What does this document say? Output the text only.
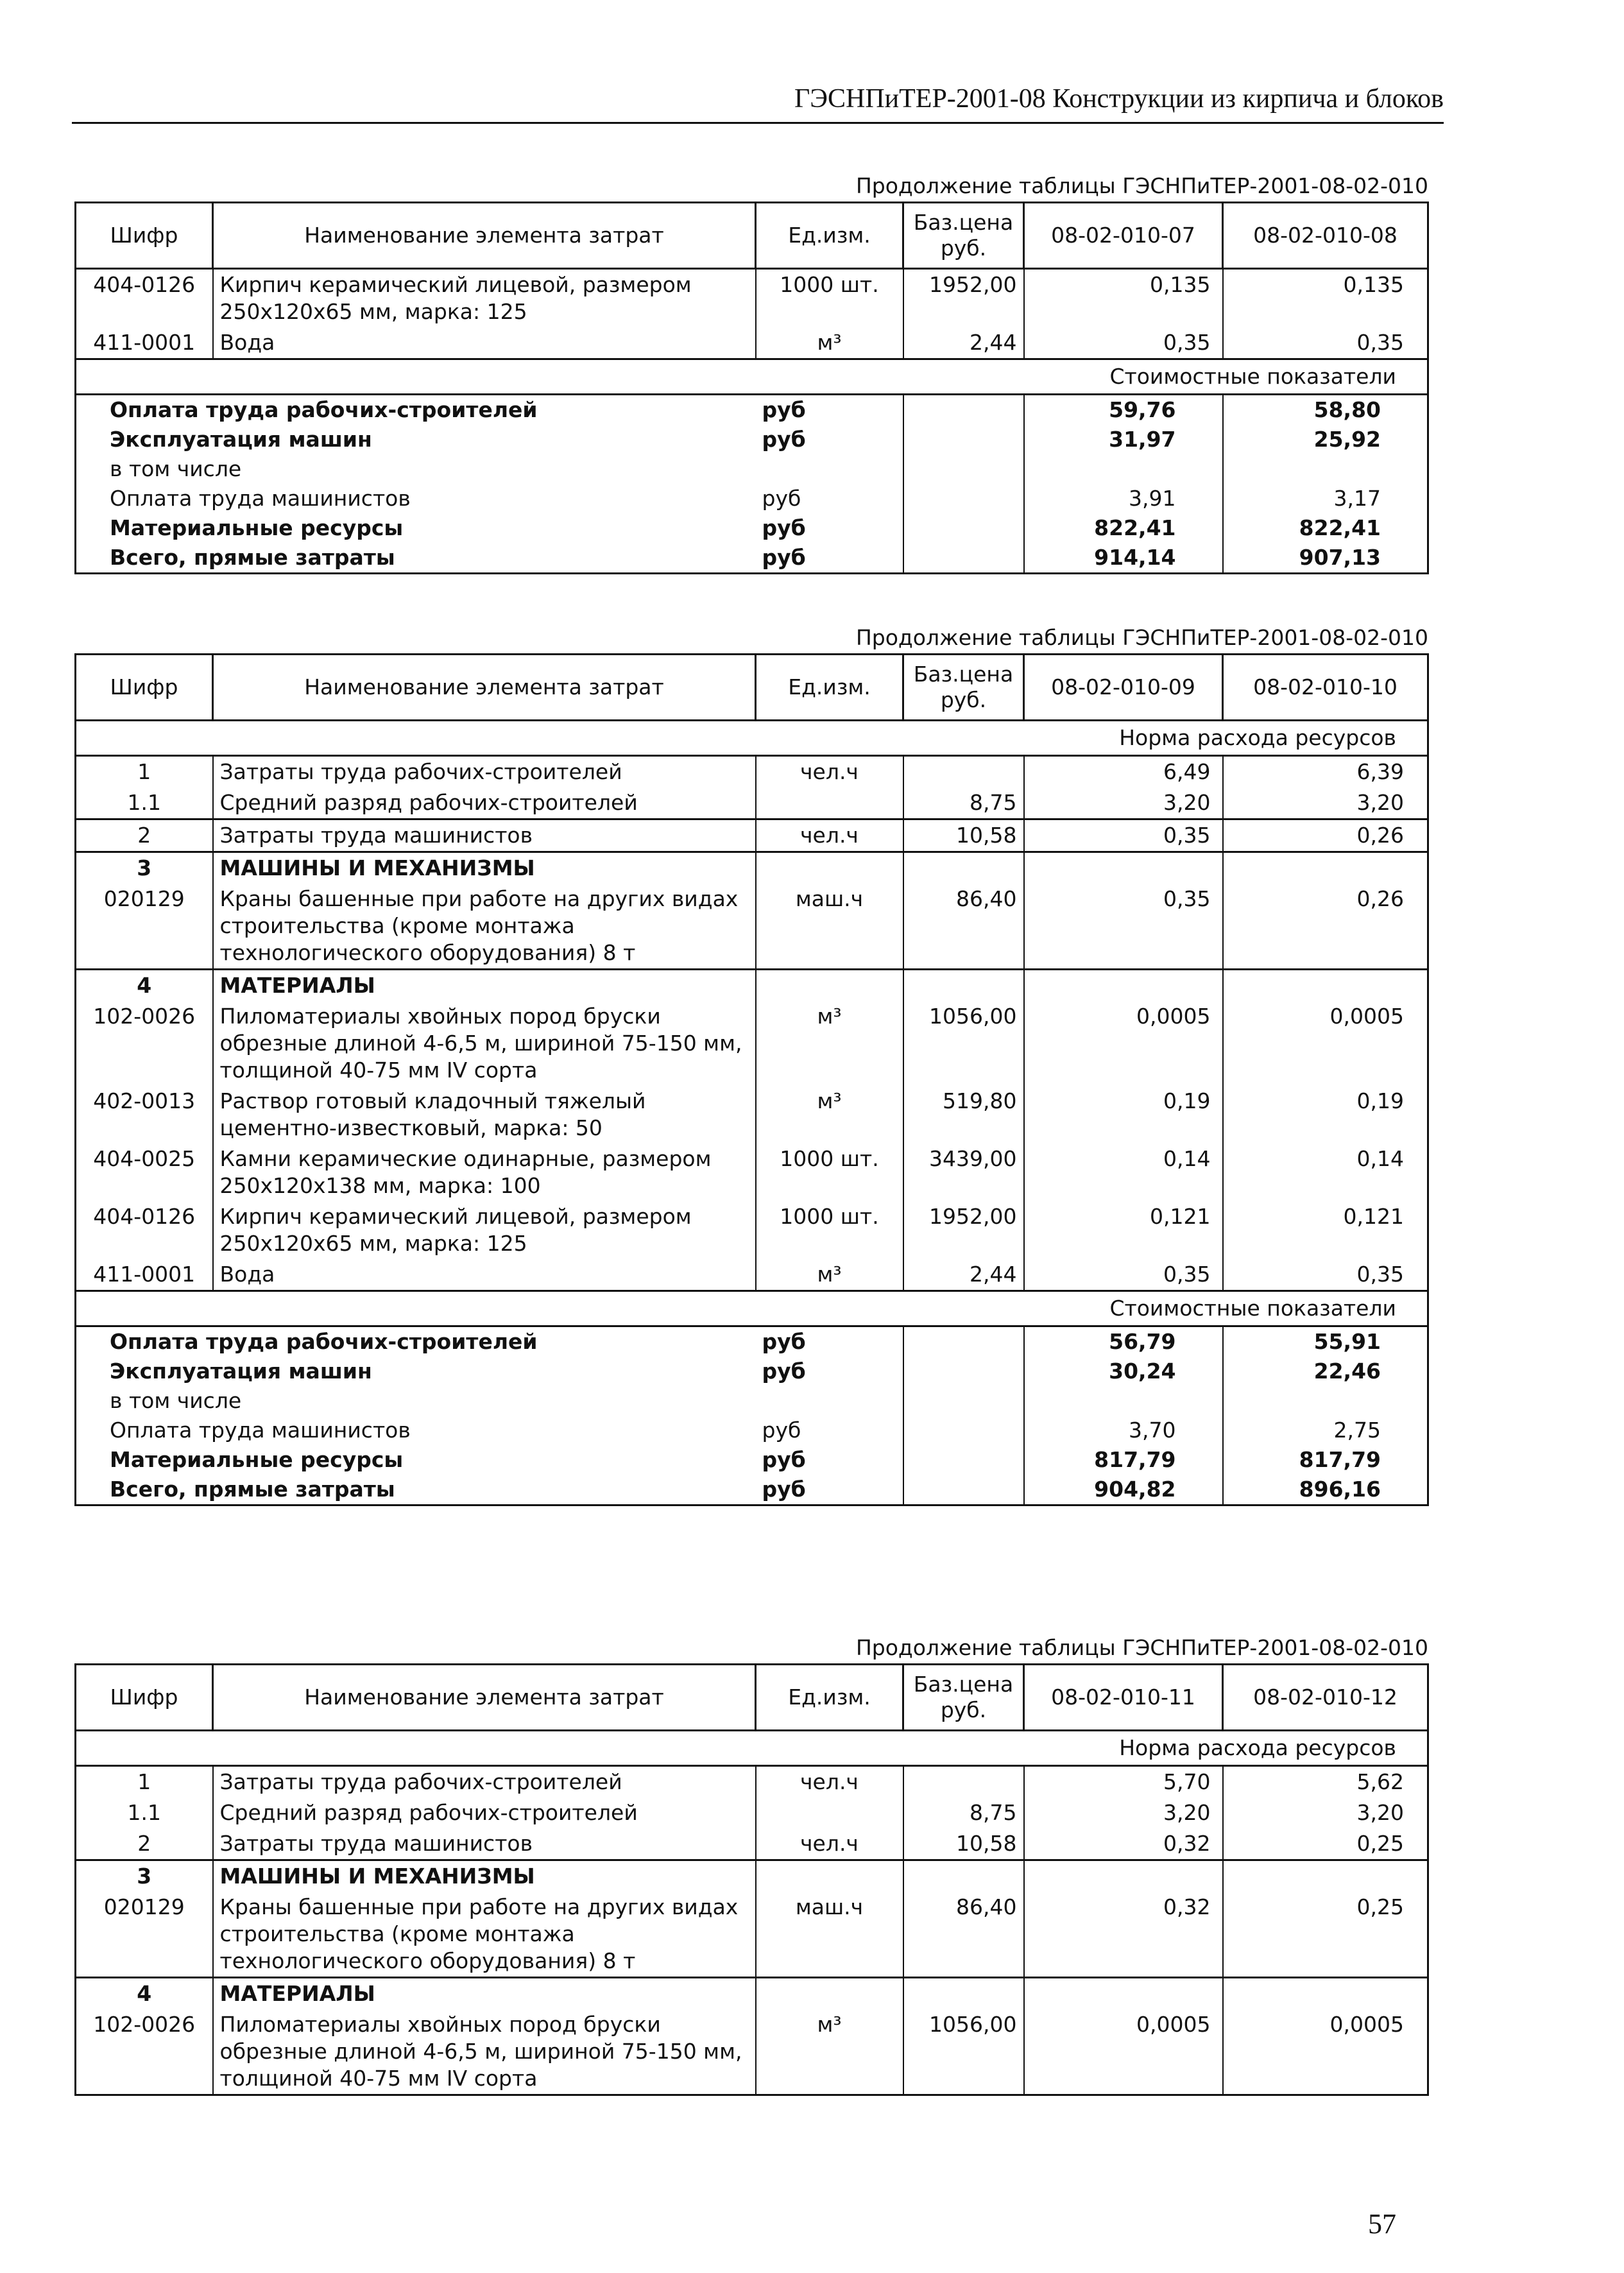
ГЭСНПиТЕР-2001-08 Конструкции из кирпича и блоков
Продолжение таблицы ГЭСНПиТЕР-2001-08-02-010
Шифр	Наименование элемента затрат	Ед.изм.	Баз.цена руб.	08-02-010-07	08-02-010-08
404-0126	Кирпич керамический лицевой, размером 250х120х65 мм, марка: 125	1000 шт.	1952,00	0,135	0,135
411-0001	Вода	м³	2,44	0,35	0,35
Стоимостные показатели					
Оплата труда рабочих-строителей		руб		59,76	58,80
Эксплуатация машин		руб		31,97	25,92
в том числе					
Оплата труда машинистов		руб		3,91	3,17
Материальные ресурсы		руб		822,41	822,41
Всего, прямые затраты		руб		914,14	907,13
Продолжение таблицы ГЭСНПиТЕР-2001-08-02-010
Шифр	Наименование элемента затрат	Ед.изм.	Баз.цена руб.	08-02-010-09	08-02-010-10
Норма расхода ресурсов					
1	Затраты труда рабочих-строителей	чел.ч		6,49	6,39
1.1	Средний разряд рабочих-строителей		8,75	3,20	3,20
2	Затраты труда машинистов	чел.ч	10,58	0,35	0,26
3	МАШИНЫ И МЕХАНИЗМЫ				
020129	Краны башенные при работе на других видах строительства (кроме монтажа технологического оборудования) 8 т	маш.ч	86,40	0,35	0,26
4	МАТЕРИАЛЫ				
102-0026	Пиломатериалы хвойных пород бруски обрезные длиной 4-6,5 м, шириной 75-150 мм, толщиной 40-75 мм IV сорта	м³	1056,00	0,0005	0,0005
402-0013	Раствор готовый кладочный тяжелый цементно-известковый, марка: 50	м³	519,80	0,19	0,19
404-0025	Камни керамические одинарные, размером 250х120х138 мм, марка: 100	1000 шт.	3439,00	0,14	0,14
404-0126	Кирпич керамический лицевой, размером 250х120х65 мм, марка: 125	1000 шт.	1952,00	0,121	0,121
411-0001	Вода	м³	2,44	0,35	0,35
Стоимостные показатели					
Оплата труда рабочих-строителей		руб		56,79	55,91
Эксплуатация машин		руб		30,24	22,46
в том числе					
Оплата труда машинистов		руб		3,70	2,75
Материальные ресурсы		руб		817,79	817,79
Всего, прямые затраты		руб		904,82	896,16
Продолжение таблицы ГЭСНПиТЕР-2001-08-02-010
Шифр	Наименование элемента затрат	Ед.изм.	Баз.цена руб.	08-02-010-11	08-02-010-12
Норма расхода ресурсов					
1	Затраты труда рабочих-строителей	чел.ч		5,70	5,62
1.1	Средний разряд рабочих-строителей		8,75	3,20	3,20
2	Затраты труда машинистов	чел.ч	10,58	0,32	0,25
3	МАШИНЫ И МЕХАНИЗМЫ				
020129	Краны башенные при работе на других видах строительства (кроме монтажа технологического оборудования) 8 т	маш.ч	86,40	0,32	0,25
4	МАТЕРИАЛЫ				
102-0026	Пиломатериалы хвойных пород бруски обрезные длиной 4-6,5 м, шириной 75-150 мм, толщиной 40-75 мм IV сорта	м³	1056,00	0,0005	0,0005
57
